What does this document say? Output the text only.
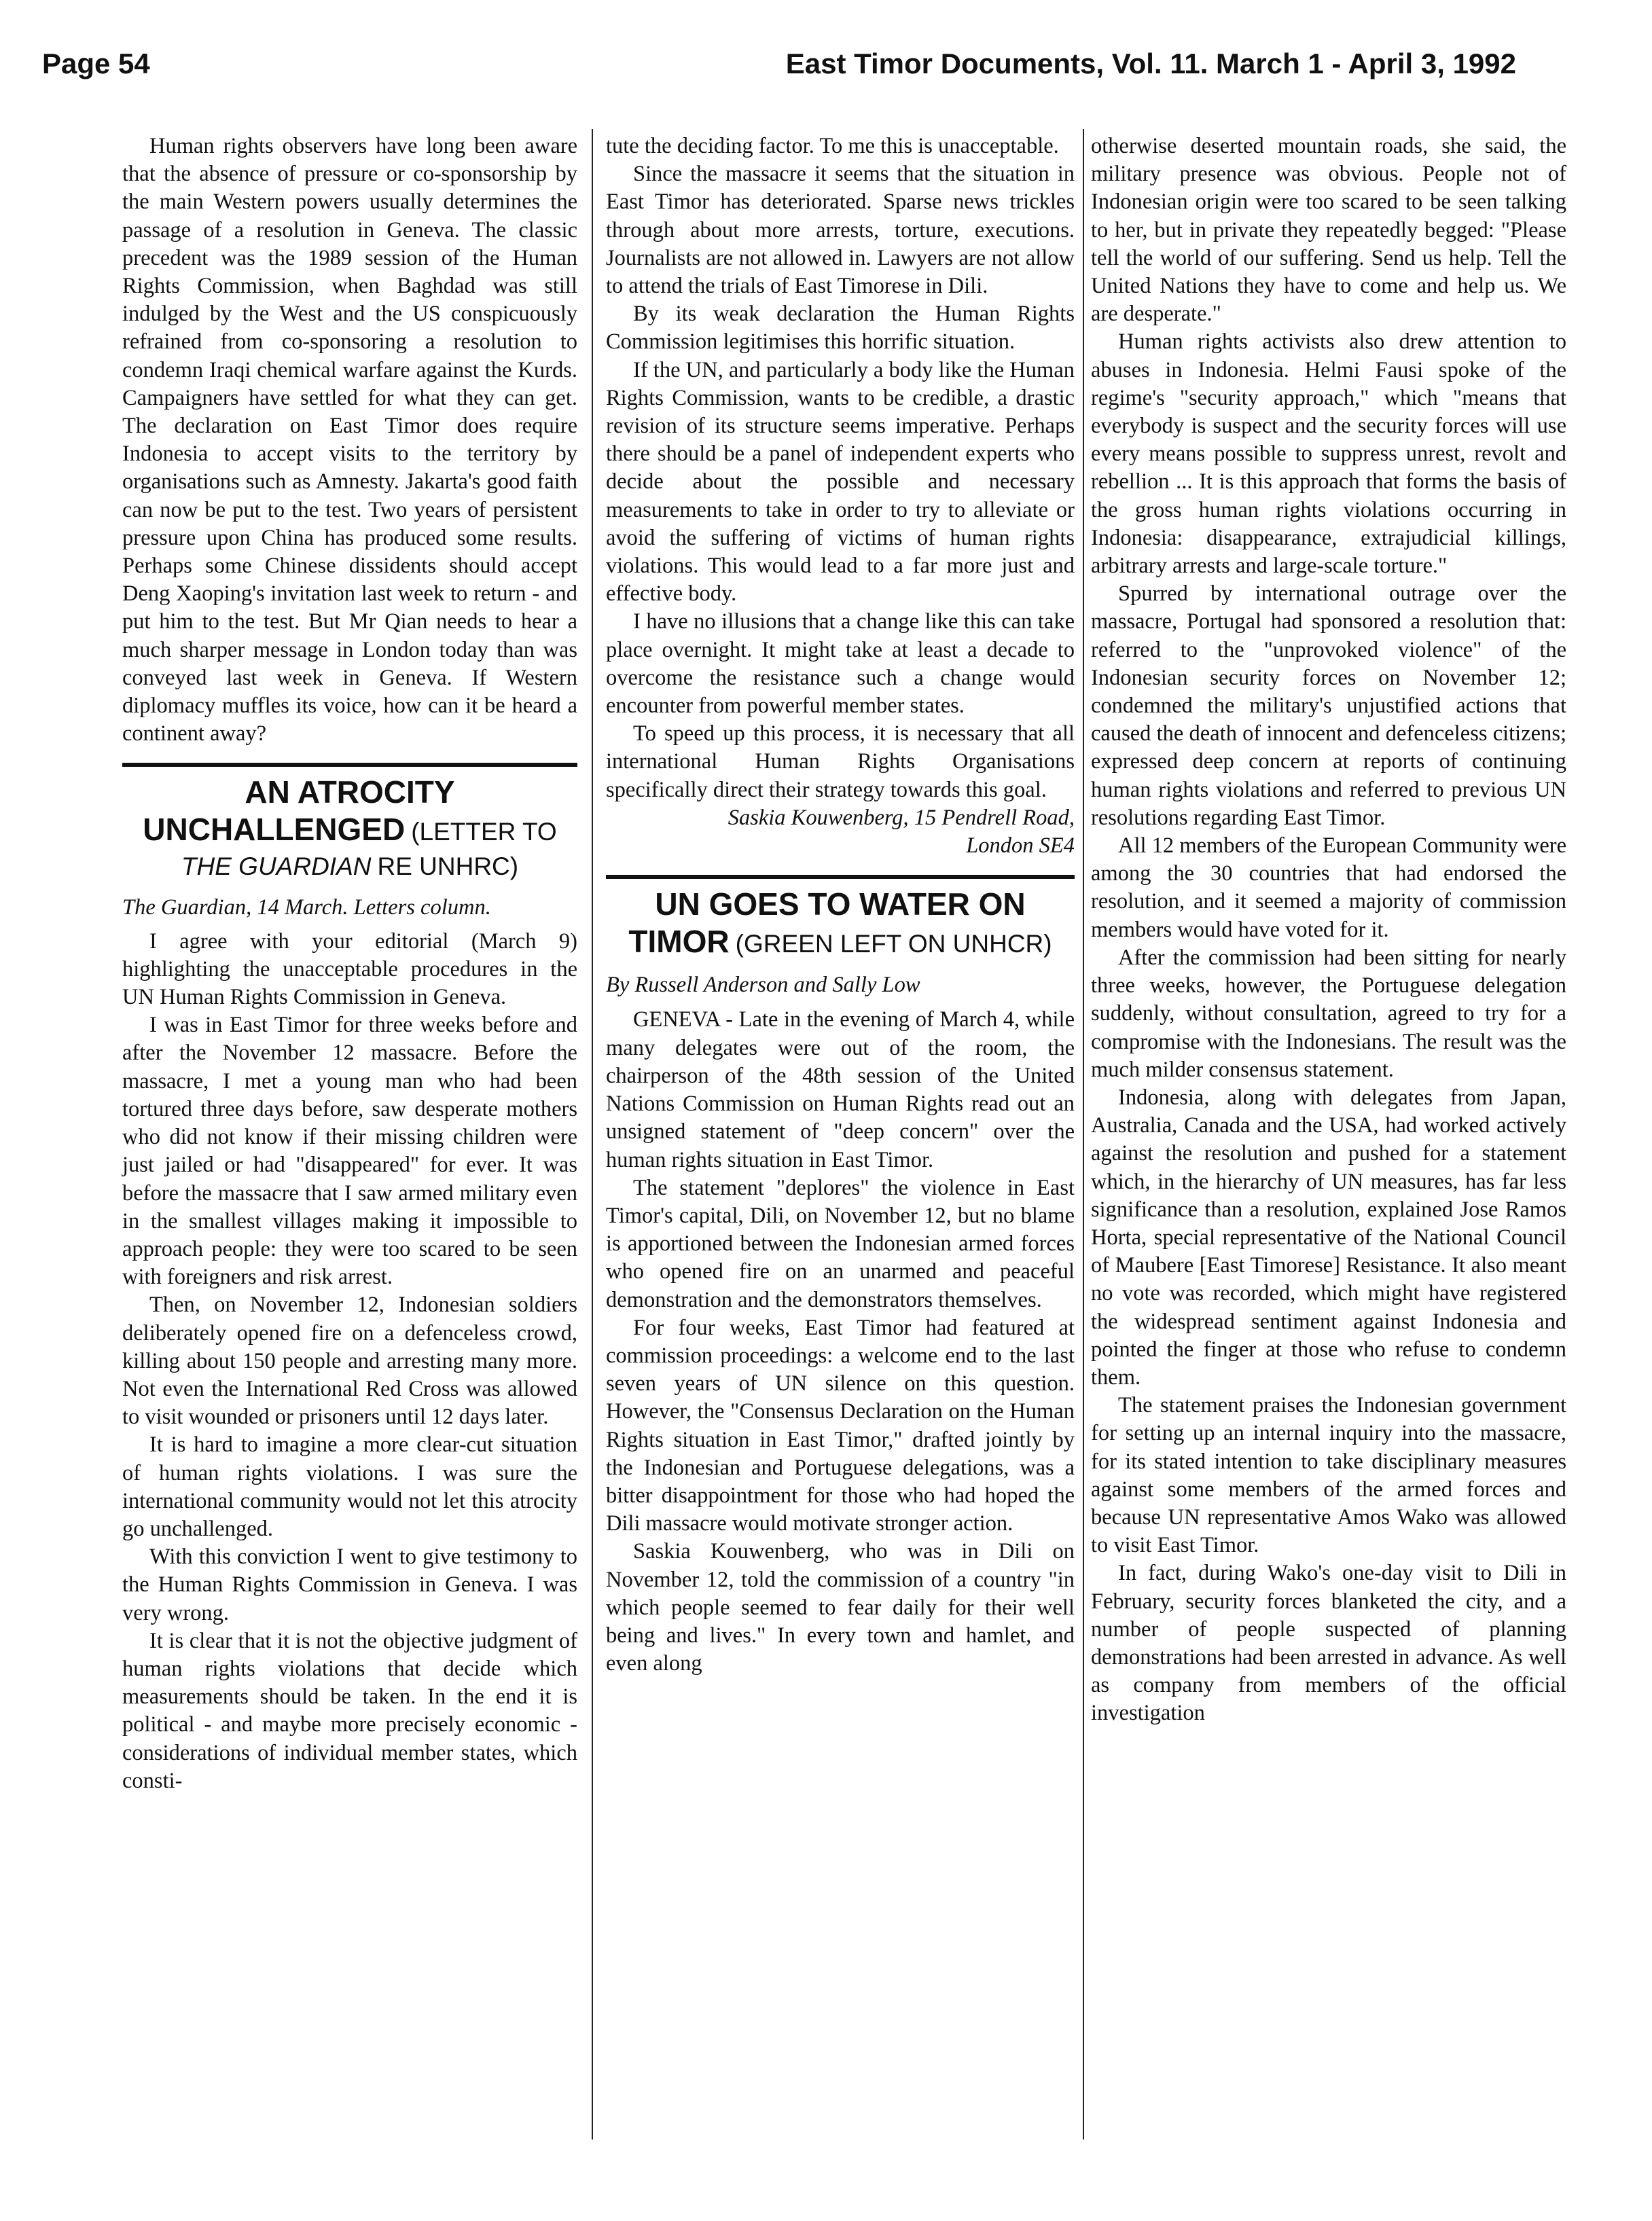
Page 54	East Timor Documents, Vol. 11. March 1 - April 3, 1992

Human rights observers have long been aware that the absence of pressure or co-sponsorship by the main Western powers usually determines the passage of a resolution in Geneva. The classic precedent was the 1989 session of the Human Rights Commission, when Baghdad was still indulged by the West and the US conspicuously refrained from co-sponsoring a resolution to condemn Iraqi chemical warfare against the Kurds. Campaigners have settled for what they can get. The declaration on East Timor does require Indonesia to accept visits to the territory by organisations such as Amnesty. Jakarta's good faith can now be put to the test. Two years of persistent pressure upon China has produced some results. Perhaps some Chinese dissidents should accept Deng Xaoping's invitation last week to return - and put him to the test. But Mr Qian needs to hear a much sharper message in London today than was conveyed last week in Geneva. If Western diplomacy muffles its voice, how can it be heard a continent away?

AN ATROCITY UNCHALLENGED (LETTER TO
THE GUARDIAN RE UNHRC)

The Guardian, 14 March. Letters column.

I agree with your editorial (March 9) highlighting the unacceptable procedures in the UN Human Rights Commission in Geneva.

I was in East Timor for three weeks before and after the November 12 massacre. Before the massacre, I met a young man who had been tortured three days before, saw desperate mothers who did not know if their missing children were just jailed or had "disappeared" for ever. It was before the massacre that I saw armed military even in the smallest villages making it impossible to approach people: they were too scared to be seen with foreigners and risk arrest.

Then, on November 12, Indonesian soldiers deliberately opened fire on a defenceless crowd, killing about 150 people and arresting many more. Not even the International Red Cross was allowed to visit wounded or prisoners until 12 days later.

It is hard to imagine a more clear-cut situation of human rights violations. I was sure the international community would not let this atrocity go unchallenged.

With this conviction I went to give testimony to the Human Rights Commission in Geneva. I was very wrong.

It is clear that it is not the objective judgment of human rights violations that decide which measurements should be taken. In the end it is political - and maybe more precisely economic - considerations of individual member states, which consti-

tute the deciding factor. To me this is unacceptable.

Since the massacre it seems that the situation in East Timor has deteriorated. Sparse news trickles through about more arrests, torture, executions. Journalists are not allowed in. Lawyers are not allow to attend the trials of East Timorese in Dili.

By its weak declaration the Human Rights Commission legitimises this horrific situation.

If the UN, and particularly a body like the Human Rights Commission, wants to be credible, a drastic revision of its structure seems imperative. Perhaps there should be a panel of independent experts who decide about the possible and necessary measurements to take in order to try to alleviate or avoid the suffering of victims of human rights violations. This would lead to a far more just and effective body.

I have no illusions that a change like this can take place overnight. It might take at least a decade to overcome the resistance such a change would encounter from powerful member states.

To speed up this process, it is necessary that all international Human Rights Organisations specifically direct their strategy towards this goal.

Saskia Kouwenberg, 15 Pendrell Road,
London SE4

UN GOES TO WATER ON
TIMOR (GREEN LEFT ON UNHCR)

By Russell Anderson and Sally Low

GENEVA - Late in the evening of March 4, while many delegates were out of the room, the chairperson of the 48th session of the United Nations Commission on Human Rights read out an unsigned statement of "deep concern" over the human rights situation in East Timor.

The statement "deplores" the violence in East Timor's capital, Dili, on November 12, but no blame is apportioned between the Indonesian armed forces who opened fire on an unarmed and peaceful demonstration and the demonstrators themselves.

For four weeks, East Timor had featured at commission proceedings: a welcome end to the last seven years of UN silence on this question. However, the "Consensus Declaration on the Human Rights situation in East Timor," drafted jointly by the Indonesian and Portuguese delegations, was a bitter disappointment for those who had hoped the Dili massacre would motivate stronger action.

Saskia Kouwenberg, who was in Dili on November 12, told the commission of a country "in which people seemed to fear daily for their well being and lives." In every town and hamlet, and even along

otherwise deserted mountain roads, she said, the military presence was obvious. People not of Indonesian origin were too scared to be seen talking to her, but in private they repeatedly begged: "Please tell the world of our suffering. Send us help. Tell the United Nations they have to come and help us. We are desperate."

Human rights activists also drew attention to abuses in Indonesia. Helmi Fausi spoke of the regime's "security approach," which "means that everybody is suspect and the security forces will use every means possible to suppress unrest, revolt and rebellion ... It is this approach that forms the basis of the gross human rights violations occurring in Indonesia: disappearance, extrajudicial killings, arbitrary arrests and large-scale torture."

Spurred by international outrage over the massacre, Portugal had sponsored a resolution that: referred to the "unprovoked violence" of the Indonesian security forces on November 12; condemned the military's unjustified actions that caused the death of innocent and defenceless citizens; expressed deep concern at reports of continuing human rights violations and referred to previous UN resolutions regarding East Timor.

All 12 members of the European Community were among the 30 countries that had endorsed the resolution, and it seemed a majority of commission members would have voted for it.

After the commission had been sitting for nearly three weeks, however, the Portuguese delegation suddenly, without consultation, agreed to try for a compromise with the Indonesians. The result was the much milder consensus statement.

Indonesia, along with delegates from Japan, Australia, Canada and the USA, had worked actively against the resolution and pushed for a statement which, in the hierarchy of UN measures, has far less significance than a resolution, explained Jose Ramos Horta, special representative of the National Council of Maubere [East Timorese] Resistance. It also meant no vote was recorded, which might have registered the widespread sentiment against Indonesia and pointed the finger at those who refuse to condemn them.

The statement praises the Indonesian government for setting up an internal inquiry into the massacre, for its stated intention to take disciplinary measures against some members of the armed forces and because UN representative Amos Wako was allowed to visit East Timor.

In fact, during Wako's one-day visit to Dili in February, security forces blanketed the city, and a number of people suspected of planning demonstrations had been arrested in advance. As well as company from members of the official investigation
